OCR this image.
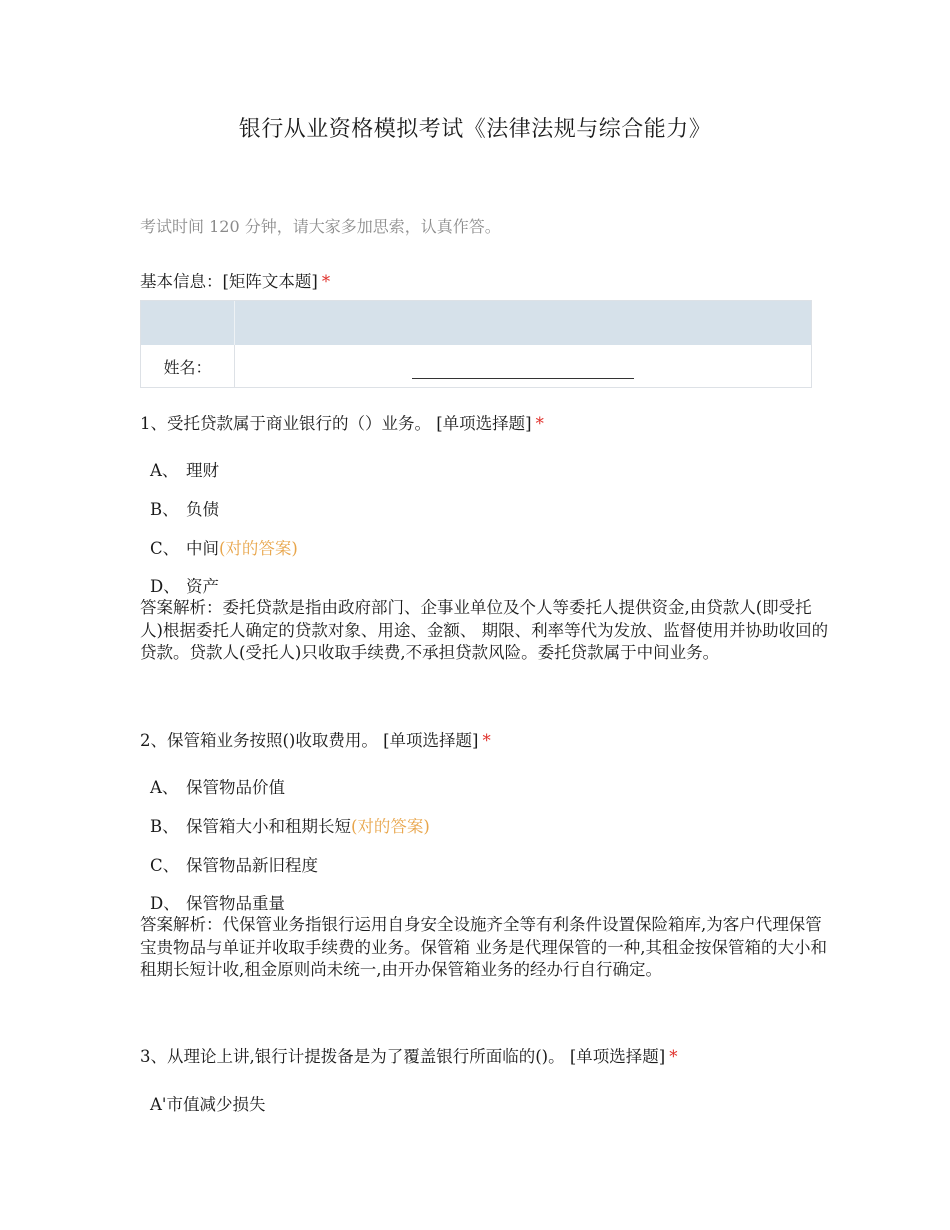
银行从业资格模拟考试《法律法规与综合能力》
考试时间 120 分钟，请大家多加思索，认真作答。
基本信息：[矩阵文本题] *
姓名：
1、受托贷款属于商业银行的（）业务。 [单项选择题] *
A、 理财
B、 负债
C、 中间(对的答案)
D、 资产
答案解析：委托贷款是指由政府部门、企事业单位及个人等委托人提供资金,由贷款人(即受托人)根据委托人确定的贷款对象、用途、金额、 期限、利率等代为发放、监督使用并协助收回的贷款。贷款人(受托人)只收取手续费,不承担贷款风险。委托贷款属于中间业务。
2、保管箱业务按照()收取费用。 [单项选择题] *
A、 保管物品价值
B、 保管箱大小和租期长短(对的答案)
C、 保管物品新旧程度
D、 保管物品重量
答案解析：代保管业务指银行运用自身安全设施齐全等有利条件设置保险箱库,为客户代理保管宝贵物品与单证并收取手续费的业务。保管箱 业务是代理保管的一种,其租金按保管箱的大小和租期长短计收,租金原则尚未统一,由开办保管箱业务的经办行自行确定。
3、从理论上讲,银行计提拨备是为了覆盖银行所面临的()。 [单项选择题] *
A'市值减少损失
